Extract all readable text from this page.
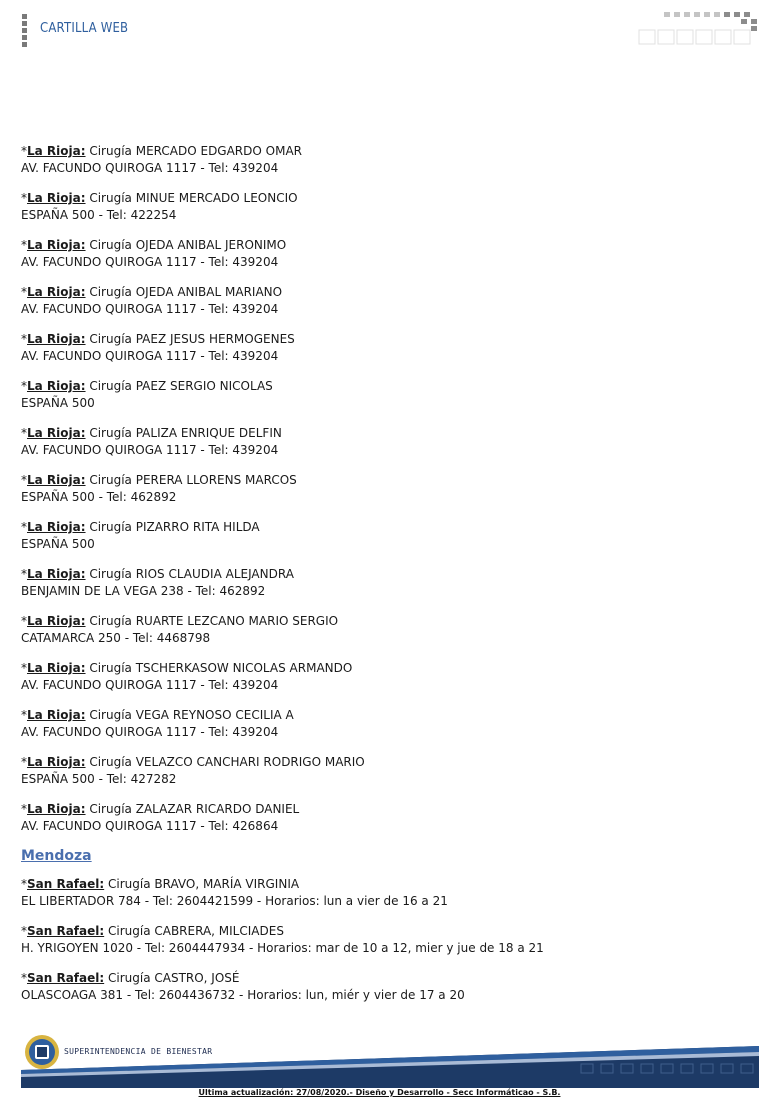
CARTILLA WEB
*La Rioja: Cirugía MERCADO EDGARDO OMAR
AV. FACUNDO QUIROGA 1117 - Tel: 439204
*La Rioja: Cirugía MINUE MERCADO LEONCIO
ESPAÑA 500 - Tel: 422254
*La Rioja: Cirugía OJEDA ANIBAL JERONIMO
AV. FACUNDO QUIROGA 1117 - Tel: 439204
*La Rioja: Cirugía OJEDA ANIBAL MARIANO
AV. FACUNDO QUIROGA 1117 - Tel: 439204
*La Rioja: Cirugía PAEZ JESUS HERMOGENES
AV. FACUNDO QUIROGA 1117 - Tel: 439204
*La Rioja: Cirugía PAEZ SERGIO NICOLAS
ESPAÑA 500
*La Rioja: Cirugía PALIZA ENRIQUE DELFIN
AV. FACUNDO QUIROGA 1117 - Tel: 439204
*La Rioja: Cirugía PERERA LLORENS MARCOS
ESPAÑA 500 - Tel: 462892
*La Rioja: Cirugía PIZARRO RITA HILDA
ESPAÑA 500
*La Rioja: Cirugía RIOS CLAUDIA ALEJANDRA
BENJAMIN DE LA VEGA 238 - Tel: 462892
*La Rioja: Cirugía RUARTE LEZCANO MARIO SERGIO
CATAMARCA 250 - Tel: 4468798
*La Rioja: Cirugía TSCHERKASOW NICOLAS ARMANDO
AV. FACUNDO QUIROGA 1117 - Tel: 439204
*La Rioja: Cirugía VEGA REYNOSO CECILIA A
AV. FACUNDO QUIROGA 1117 - Tel: 439204
*La Rioja: Cirugía VELAZCO CANCHARI RODRIGO MARIO
ESPAÑA 500 - Tel: 427282
*La Rioja: Cirugía ZALAZAR RICARDO DANIEL
AV. FACUNDO QUIROGA 1117 - Tel: 426864
Mendoza
*San Rafael: Cirugía BRAVO, MARÍA VIRGINIA
EL LIBERTADOR 784 - Tel: 2604421599 - Horarios: lun a vier de 16 a 21
*San Rafael: Cirugía CABRERA, MILCIADES
H. YRIGOYEN 1020 - Tel: 2604447934 - Horarios: mar de 10 a 12, mier y jue de 18 a 21
*San Rafael: Cirugía CASTRO, JOSÉ
OLASCOAGA 381 - Tel: 2604436732 - Horarios: lun, miér y vier de 17 a 20
SUPERINTENDENCIA DE BIENESTAR
Ultima actualización: 27/08/2020.- Diseño y Desarrollo - Secc Informáticao - S.B.
